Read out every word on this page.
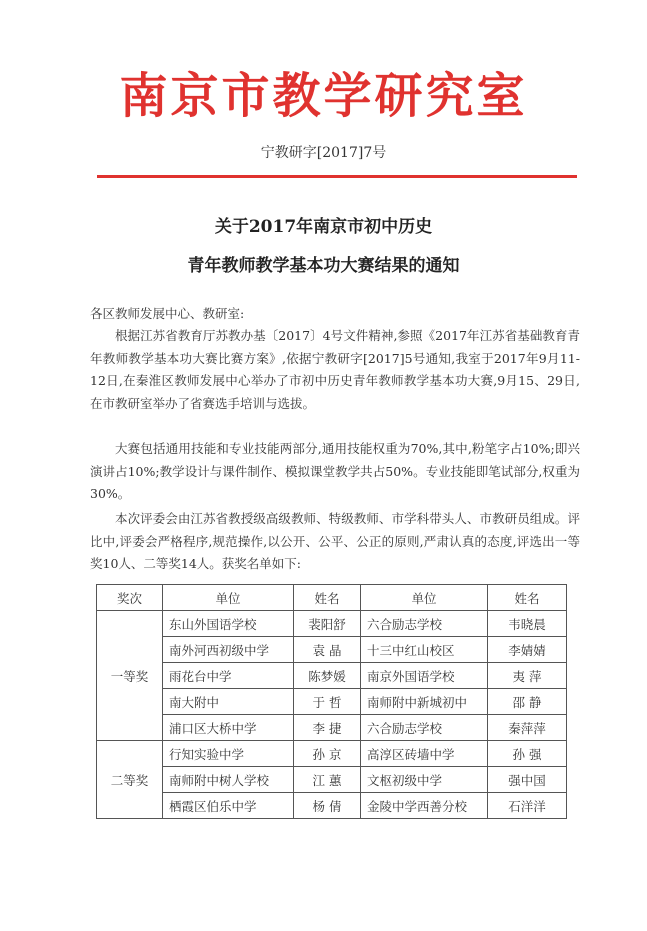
南京市教学研究室
宁教研字[2017]7号
关于2017年南京市初中历史
青年教师教学基本功大赛结果的通知
各区教师发展中心、教研室:
根据江苏省教育厅苏教办基〔2017〕4号文件精神,参照《2017年江苏省基础教育青年教师教学基本功大赛比赛方案》,依据宁教研字[2017]5号通知,我室于2017年9月11-12日,在秦淮区教师发展中心举办了市初中历史青年教师教学基本功大赛,9月15、29日,在市教研室举办了省赛选手培训与选拔。
大赛包括通用技能和专业技能两部分,通用技能权重为70%,其中,粉笔字占10%;即兴演讲占10%;教学设计与课件制作、模拟课堂教学共占50%。专业技能即笔试部分,权重为30%。
本次评委会由江苏省教授级高级教师、特级教师、市学科带头人、市教研员组成。评比中,评委会严格程序,规范操作,以公开、公平、公正的原则,严肃认真的态度,评选出一等奖10人、二等奖14人。获奖名单如下:
奖次	单位	姓名	单位	姓名
一等奖	东山外国语学校	裴阳舒	六合励志学校	韦晓晨
	南外河西初级中学	袁 晶	十三中红山校区	李婧婧
	雨花台中学	陈梦媛	南京外国语学校	夷 萍
	南大附中	于 哲	南师附中新城初中	邵 静
	浦口区大桥中学	李 捷	六合励志学校	秦萍萍
二等奖	行知实验中学	孙 京	高淳区砖墙中学	孙 强
	南师附中树人学校	江 蕙	文枢初级中学	强中国
	栖霞区伯乐中学	杨 倩	金陵中学西善分校	石洋洋
